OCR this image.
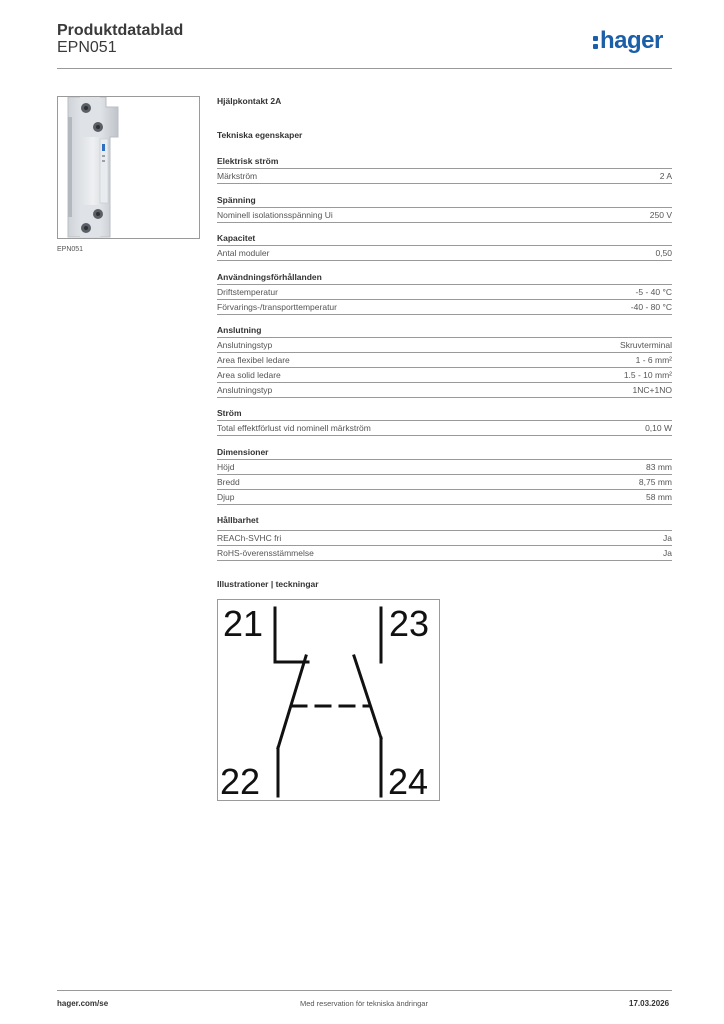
Produktdatablad
EPN051	hager
EPN051
Hjälpkontakt 2A
Tekniska egenskaper
Elektrisk ström
Märkström	2 A
Spänning
Nominell isolationsspänning Ui	250 V
Kapacitet
Antal moduler	0,50
Användningsförhållanden
Driftstemperatur	-5 - 40 °C
Förvarings-/transporttemperatur	-40 - 80 °C
Anslutning
Anslutningstyp	Skruvterminal
Area flexibel ledare	1 - 6 mm²
Area solid ledare	1.5 - 10 mm²
Anslutningstyp	1NC+1NO
Ström
Total effektförlust vid nominell märkström	0,10 W
Dimensioner
Höjd	83 mm
Bredd	8,75 mm
Djup	58 mm
Hållbarhet
REACh-SVHC fri	Ja
RoHS-överensstämmelse	Ja
Illustrationer | teckningar
21	23
22	24
hager.com/se	Med reservation för tekniska ändringar	17.03.2026
